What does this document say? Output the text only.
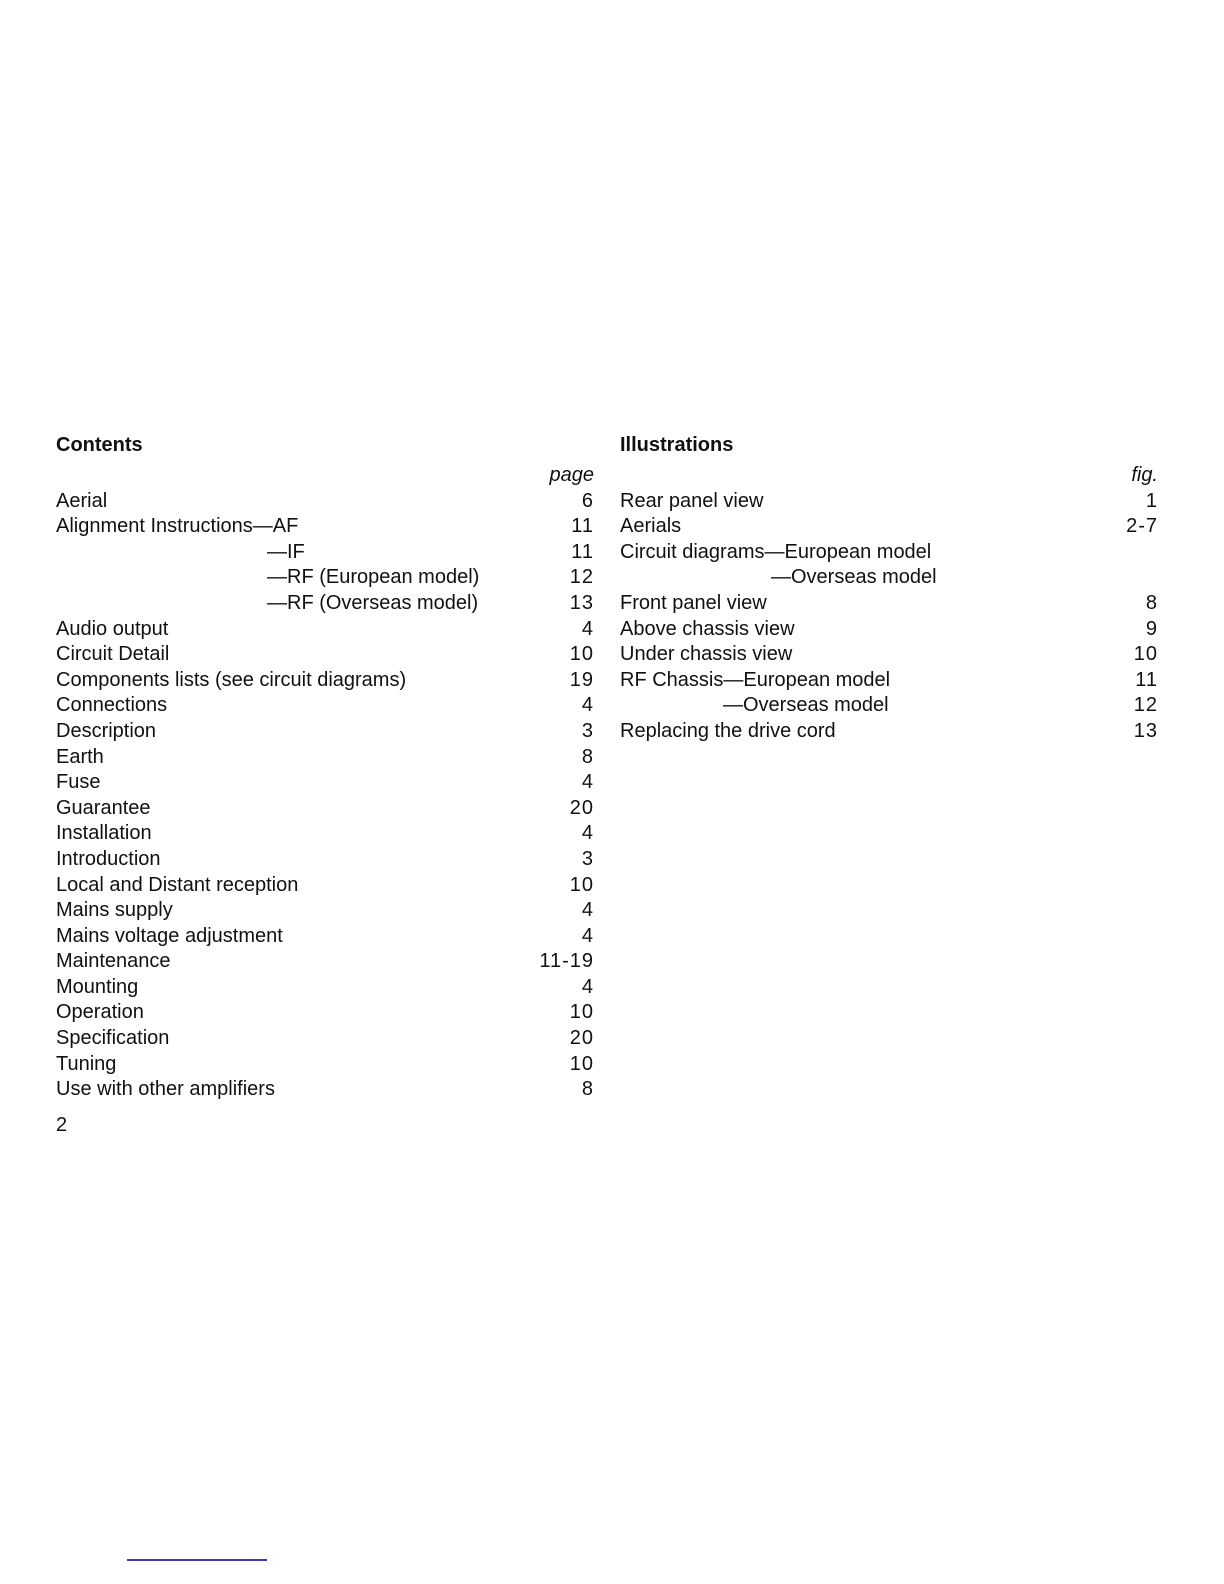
Contents
page
Aerial	6
Alignment Instructions—AF	11
—IF	11
—RF (European model)	12
—RF (Overseas model)	13
Audio output	4
Circuit Detail	10
Components lists (see circuit diagrams)	19
Connections	4
Description	3
Earth	8
Fuse	4
Guarantee	20
Installation	4
Introduction	3
Local and Distant reception	10
Mains supply	4
Mains voltage adjustment	4
Maintenance	11-19
Mounting	4
Operation	10
Specification	20
Tuning	10
Use with other amplifiers	8
Illustrations
fig.
Rear panel view	1
Aerials	2-7
Circuit diagrams—European model
—Overseas model
Front panel view	8
Above chassis view	9
Under chassis view	10
RF Chassis—European model	11
—Overseas model	12
Replacing the drive cord	13
2
